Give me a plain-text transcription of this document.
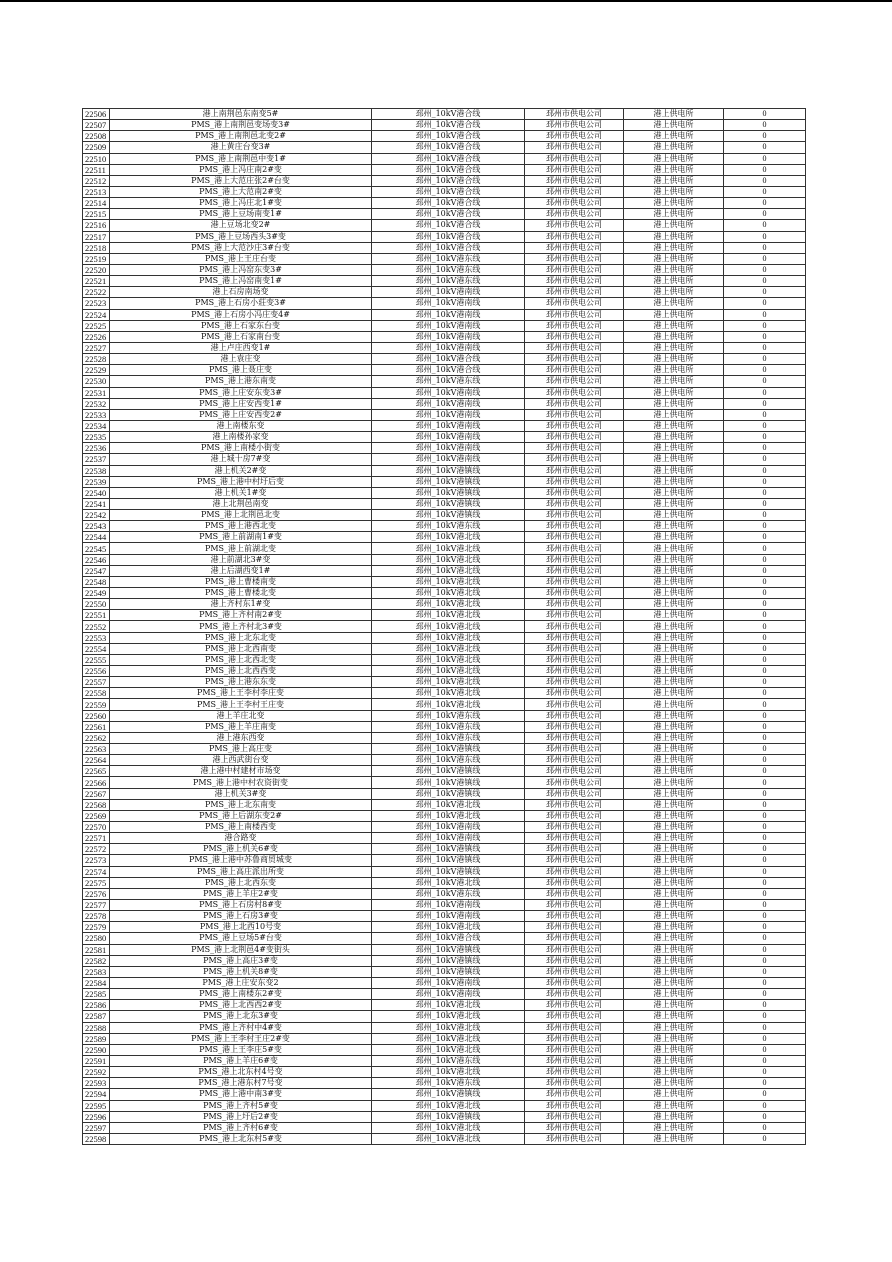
22506	港上南荆邑东南变5#	邳州_10kV港合线	邳州市供电公司	港上供电所	0
22507	PMS_港上南荆邑变场变3#	邳州_10kV港合线	邳州市供电公司	港上供电所	0
22508	PMS_港上南荆邑北变2#	邳州_10kV港合线	邳州市供电公司	港上供电所	0
22509	港上黄庄台变3#	邳州_10kV港合线	邳州市供电公司	港上供电所	0
22510	PMS_港上南荆邑中变1#	邳州_10kV港合线	邳州市供电公司	港上供电所	0
22511	PMS_港上冯庄南2#变	邳州_10kV港合线	邳州市供电公司	港上供电所	0
22512	PMS_港上大范庄张2#台变	邳州_10kV港合线	邳州市供电公司	港上供电所	0
22513	PMS_港上大范南2#变	邳州_10kV港合线	邳州市供电公司	港上供电所	0
22514	PMS_港上冯庄北1#变	邳州_10kV港合线	邳州市供电公司	港上供电所	0
22515	PMS_港上豆场南变1#	邳州_10kV港合线	邳州市供电公司	港上供电所	0
22516	港上豆场北变2#	邳州_10kV港合线	邳州市供电公司	港上供电所	0
22517	PMS_港上豆场西头3#变	邳州_10kV港合线	邳州市供电公司	港上供电所	0
22518	PMS_港上大范沙庄3#台变	邳州_10kV港合线	邳州市供电公司	港上供电所	0
22519	PMS_港上王庄台变	邳州_10kV港东线	邳州市供电公司	港上供电所	0
22520	PMS_港上冯窑东变3#	邳州_10kV港东线	邳州市供电公司	港上供电所	0
22521	PMS_港上冯窑南变1#	邳州_10kV港东线	邳州市供电公司	港上供电所	0
22522	港上石房南场变	邳州_10kV港南线	邳州市供电公司	港上供电所	0
22523	PMS_港上石房小莊变3#	邳州_10kV港南线	邳州市供电公司	港上供电所	0
22524	PMS_港上石房小冯庄变4#	邳州_10kV港南线	邳州市供电公司	港上供电所	0
22525	PMS_港上石家东台变	邳州_10kV港南线	邳州市供电公司	港上供电所	0
22526	PMS_港上石家南台变	邳州_10kV港南线	邳州市供电公司	港上供电所	0
22527	港上卢庄西变1#	邳州_10kV港南线	邳州市供电公司	港上供电所	0
22528	港上袁庄变	邳州_10kV港合线	邳州市供电公司	港上供电所	0
22529	PMS_港上聂庄变	邳州_10kV港合线	邳州市供电公司	港上供电所	0
22530	PMS_港上港东南变	邳州_10kV港东线	邳州市供电公司	港上供电所	0
22531	PMS_港上庄安东变3#	邳州_10kV港南线	邳州市供电公司	港上供电所	0
22532	PMS_港上庄安西变1#	邳州_10kV港南线	邳州市供电公司	港上供电所	0
22533	PMS_港上庄安西变2#	邳州_10kV港南线	邳州市供电公司	港上供电所	0
22534	港上南楼东变	邳州_10kV港南线	邳州市供电公司	港上供电所	0
22535	港上南楼孙家变	邳州_10kV港南线	邳州市供电公司	港上供电所	0
22536	PMS_港上南楼小街变	邳州_10kV港南线	邳州市供电公司	港上供电所	0
22537	港上城十房7#变	邳州_10kV港南线	邳州市供电公司	港上供电所	0
22538	港上机关2#变	邳州_10kV港镇线	邳州市供电公司	港上供电所	0
22539	PMS_港上港中村圩后变	邳州_10kV港镇线	邳州市供电公司	港上供电所	0
22540	港上机关1#变	邳州_10kV港镇线	邳州市供电公司	港上供电所	0
22541	港上北荆邑南变	邳州_10kV港镇线	邳州市供电公司	港上供电所	0
22542	PMS_港上北荆邑北变	邳州_10kV港镇线	邳州市供电公司	港上供电所	0
22543	PMS_港上港西北变	邳州_10kV港东线	邳州市供电公司	港上供电所	0
22544	PMS_港上前湖南1#变	邳州_10kV港北线	邳州市供电公司	港上供电所	0
22545	PMS_港上前湖北变	邳州_10kV港北线	邳州市供电公司	港上供电所	0
22546	港上前湖北3#变	邳州_10kV港北线	邳州市供电公司	港上供电所	0
22547	港上后湖西变1#	邳州_10kV港北线	邳州市供电公司	港上供电所	0
22548	PMS_港上曹楼南变	邳州_10kV港北线	邳州市供电公司	港上供电所	0
22549	PMS_港上曹楼北变	邳州_10kV港北线	邳州市供电公司	港上供电所	0
22550	港上齐村东1#变	邳州_10kV港北线	邳州市供电公司	港上供电所	0
22551	PMS_港上齐村南2#变	邳州_10kV港北线	邳州市供电公司	港上供电所	0
22552	PMS_港上齐村北3#变	邳州_10kV港北线	邳州市供电公司	港上供电所	0
22553	PMS_港上北东北变	邳州_10kV港北线	邳州市供电公司	港上供电所	0
22554	PMS_港上北西南变	邳州_10kV港北线	邳州市供电公司	港上供电所	0
22555	PMS_港上北西北变	邳州_10kV港北线	邳州市供电公司	港上供电所	0
22556	PMS_港上北西西变	邳州_10kV港北线	邳州市供电公司	港上供电所	0
22557	PMS_港上港东东变	邳州_10kV港北线	邳州市供电公司	港上供电所	0
22558	PMS_港上王李村李庄变	邳州_10kV港北线	邳州市供电公司	港上供电所	0
22559	PMS_港上王李村王庄变	邳州_10kV港北线	邳州市供电公司	港上供电所	0
22560	港上羊庄北变	邳州_10kV港东线	邳州市供电公司	港上供电所	0
22561	PMS_港上羊庄南变	邳州_10kV港东线	邳州市供电公司	港上供电所	0
22562	港上港东西变	邳州_10kV港东线	邳州市供电公司	港上供电所	0
22563	PMS_港上高庄变	邳州_10kV港镇线	邳州市供电公司	港上供电所	0
22564	港上西武街台变	邳州_10kV港东线	邳州市供电公司	港上供电所	0
22565	港上港中村建材市场变	邳州_10kV港镇线	邳州市供电公司	港上供电所	0
22566	PMS_港上港中村农资街变	邳州_10kV港镇线	邳州市供电公司	港上供电所	0
22567	港上机关3#变	邳州_10kV港镇线	邳州市供电公司	港上供电所	0
22568	PMS_港上北东南变	邳州_10kV港北线	邳州市供电公司	港上供电所	0
22569	PMS_港上后湖东变2#	邳州_10kV港北线	邳州市供电公司	港上供电所	0
22570	PMS_港上南楼西变	邳州_10kV港南线	邳州市供电公司	港上供电所	0
22571	港合路变	邳州_10kV港南线	邳州市供电公司	港上供电所	0
22572	PMS_港上机关6#变	邳州_10kV港镇线	邳州市供电公司	港上供电所	0
22573	PMS_港上港中苏鲁商贸城变	邳州_10kV港镇线	邳州市供电公司	港上供电所	0
22574	PMS_港上高庄派出所变	邳州_10kV港镇线	邳州市供电公司	港上供电所	0
22575	PMS_港上北西东变	邳州_10kV港北线	邳州市供电公司	港上供电所	0
22576	PMS_港上羊庄2#变	邳州_10kV港东线	邳州市供电公司	港上供电所	0
22577	PMS_港上石房村8#变	邳州_10kV港南线	邳州市供电公司	港上供电所	0
22578	PMS_港上石房3#变	邳州_10kV港南线	邳州市供电公司	港上供电所	0
22579	PMS_港上北西10号变	邳州_10kV港北线	邳州市供电公司	港上供电所	0
22580	PMS_港上豆场5#台变	邳州_10kV港合线	邳州市供电公司	港上供电所	0
22581	PMS_港上北荆邑4#变街头	邳州_10kV港镇线	邳州市供电公司	港上供电所	0
22582	PMS_港上高庄3#变	邳州_10kV港镇线	邳州市供电公司	港上供电所	0
22583	PMS_港上机关8#变	邳州_10kV港镇线	邳州市供电公司	港上供电所	0
22584	PMS_港上庄安东变2	邳州_10kV港南线	邳州市供电公司	港上供电所	0
22585	PMS_港上南楼东2#变	邳州_10kV港南线	邳州市供电公司	港上供电所	0
22586	PMS_港上北西西2#变	邳州_10kV港北线	邳州市供电公司	港上供电所	0
22587	PMS_港上北东3#变	邳州_10kV港北线	邳州市供电公司	港上供电所	0
22588	PMS_港上齐村中4#变	邳州_10kV港北线	邳州市供电公司	港上供电所	0
22589	PMS_港上王李村王庄2#变	邳州_10kV港北线	邳州市供电公司	港上供电所	0
22590	PMS_港上王李庄5#变	邳州_10kV港北线	邳州市供电公司	港上供电所	0
22591	PMS_港上羊庄6#变	邳州_10kV港东线	邳州市供电公司	港上供电所	0
22592	PMS_港上北东村4号变	邳州_10kV港北线	邳州市供电公司	港上供电所	0
22593	PMS_港上港东村7号变	邳州_10kV港东线	邳州市供电公司	港上供电所	0
22594	PMS_港上港中南3#变	邳州_10kV港镇线	邳州市供电公司	港上供电所	0
22595	PMS_港上齐村5#变	邳州_10kV港北线	邳州市供电公司	港上供电所	0
22596	PMS_港上圩后2#变	邳州_10kV港镇线	邳州市供电公司	港上供电所	0
22597	PMS_港上齐村6#变	邳州_10kV港北线	邳州市供电公司	港上供电所	0
22598	PMS_港上北东村5#变	邳州_10kV港北线	邳州市供电公司	港上供电所	0
